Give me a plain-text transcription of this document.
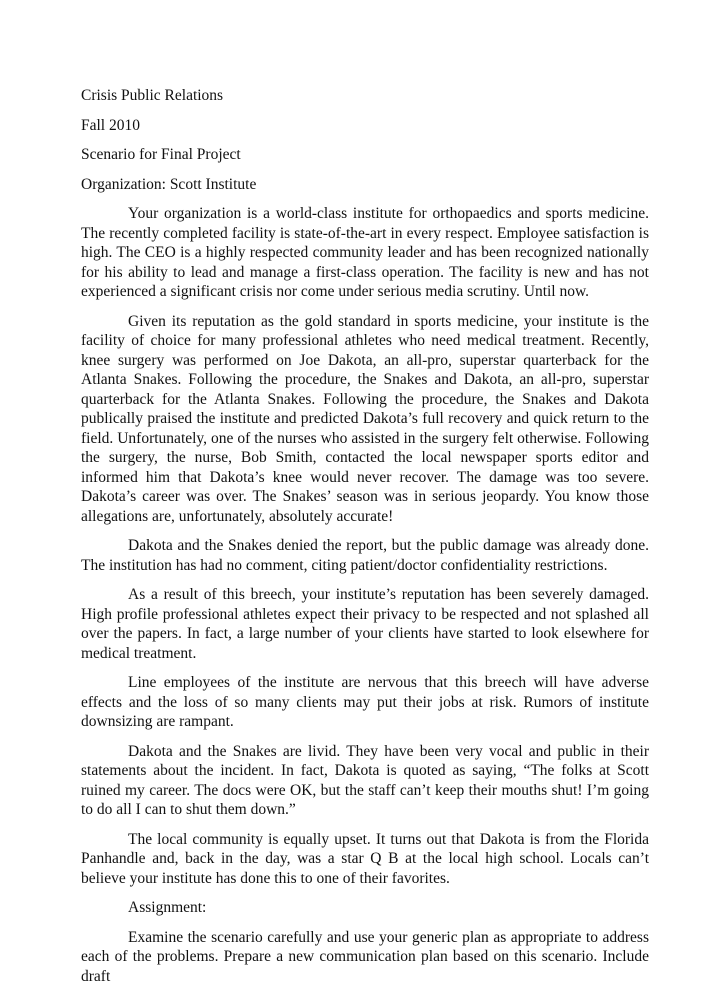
Crisis Public Relations

Fall 2010

Scenario for Final Project

Organization: Scott Institute

Your organization is a world-class institute for orthopaedics and sports medicine. The recently completed facility is state-of-the-art in every respect. Employee satisfaction is high. The CEO is a highly respected community leader and has been recognized nationally for his ability to lead and manage a first-class operation. The facility is new and has not experienced a significant crisis nor come under serious media scrutiny. Until now.

Given its reputation as the gold standard in sports medicine, your institute is the facility of choice for many professional athletes who need medical treatment. Recently, knee surgery was performed on Joe Dakota, an all-pro, superstar quarterback for the Atlanta Snakes. Following the procedure, the Snakes and Dakota, an all-pro, superstar quarterback for the Atlanta Snakes. Following the procedure, the Snakes and Dakota publically praised the institute and predicted Dakota’s full recovery and quick return to the field. Unfortunately, one of the nurses who assisted in the surgery felt otherwise. Following the surgery, the nurse, Bob Smith, contacted the local newspaper sports editor and informed him that Dakota’s knee would never recover. The damage was too severe. Dakota’s career was over. The Snakes’ season was in serious jeopardy. You know those allegations are, unfortunately, absolutely accurate!

Dakota and the Snakes denied the report, but the public damage was already done. The institution has had no comment, citing patient/doctor confidentiality restrictions.

As a result of this breech, your institute’s reputation has been severely damaged. High profile professional athletes expect their privacy to be respected and not splashed all over the papers. In fact, a large number of your clients have started to look elsewhere for medical treatment.

Line employees of the institute are nervous that this breech will have adverse effects and the loss of so many clients may put their jobs at risk. Rumors of institute downsizing are rampant.

Dakota and the Snakes are livid. They have been very vocal and public in their statements about the incident. In fact, Dakota is quoted as saying, “The folks at Scott ruined my career. The docs were OK, but the staff can’t keep their mouths shut! I’m going to do all I can to shut them down.”

The local community is equally upset. It turns out that Dakota is from the Florida Panhandle and, back in the day, was a star Q B at the local high school. Locals can’t believe your institute has done this to one of their favorites.

Assignment:

Examine the scenario carefully and use your generic plan as appropriate to address each of the problems. Prepare a new communication plan based on this scenario. Include draft
